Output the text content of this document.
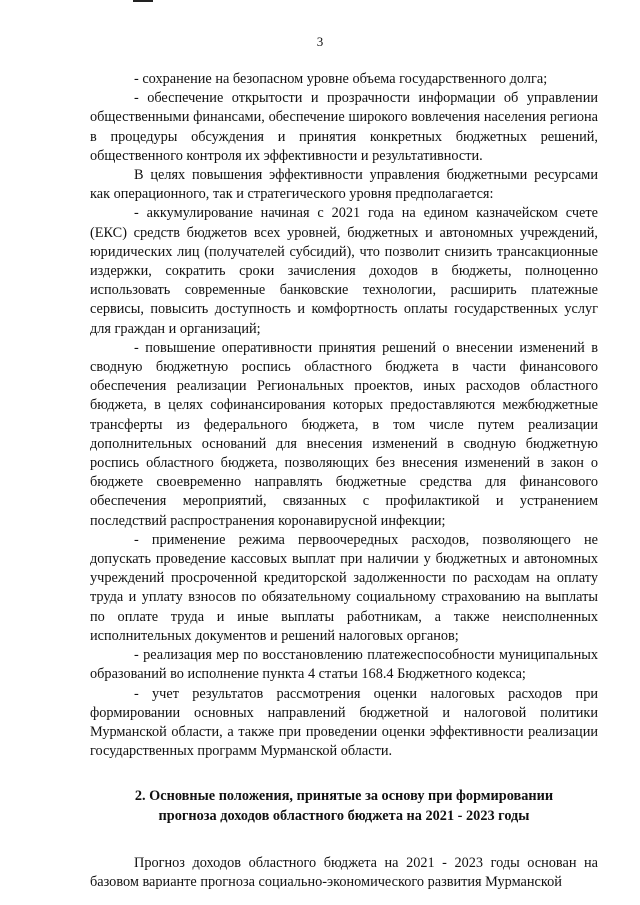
3

- сохранение на безопасном уровне объема государственного долга;

- обеспечение открытости и прозрачности информации об управлении общественными финансами, обеспечение широкого вовлечения населения региона в процедуры обсуждения и принятия конкретных бюджетных решений, общественного контроля их эффективности и результативности.

В целях повышения эффективности управления бюджетными ресурсами как операционного, так и стратегического уровня предполагается:

- аккумулирование начиная с 2021 года на едином казначейском счете (ЕКС) средств бюджетов всех уровней, бюджетных и автономных учреждений, юридических лиц (получателей субсидий), что позволит снизить трансакционные издержки, сократить сроки зачисления доходов в бюджеты, полноценно использовать современные банковские технологии, расширить платежные сервисы, повысить доступность и комфортность оплаты государственных услуг для граждан и организаций;

- повышение оперативности принятия решений о внесении изменений в сводную бюджетную роспись областного бюджета в части финансового обеспечения реализации Региональных проектов, иных расходов областного бюджета, в целях софинансирования которых предоставляются межбюджетные трансферты из федерального бюджета, в том числе путем реализации дополнительных оснований для внесения изменений в сводную бюджетную роспись областного бюджета, позволяющих без внесения изменений в закон о бюджете своевременно направлять бюджетные средства для финансового обеспечения мероприятий, связанных с профилактикой и устранением последствий распространения коронавирусной инфекции;

- применение режима первоочередных расходов, позволяющего не допускать проведение кассовых выплат при наличии у бюджетных и автономных учреждений просроченной кредиторской задолженности по расходам на оплату труда и уплату взносов по обязательному социальному страхованию на выплаты по оплате труда и иные выплаты работникам, а также неисполненных исполнительных документов и решений налоговых органов;

- реализация мер по восстановлению платежеспособности муниципальных образований во исполнение пункта 4 статьи 168.4 Бюджетного кодекса;

- учет результатов рассмотрения оценки налоговых расходов при формировании основных направлений бюджетной и налоговой политики Мурманской области, а также при проведении оценки эффективности реализации государственных программ Мурманской области.

2. Основные положения, принятые за основу при формировании
прогноза доходов областного бюджета на 2021 - 2023 годы

Прогноз доходов областного бюджета на 2021 - 2023 годы основан на базовом варианте прогноза социально-экономического развития Мурманской
